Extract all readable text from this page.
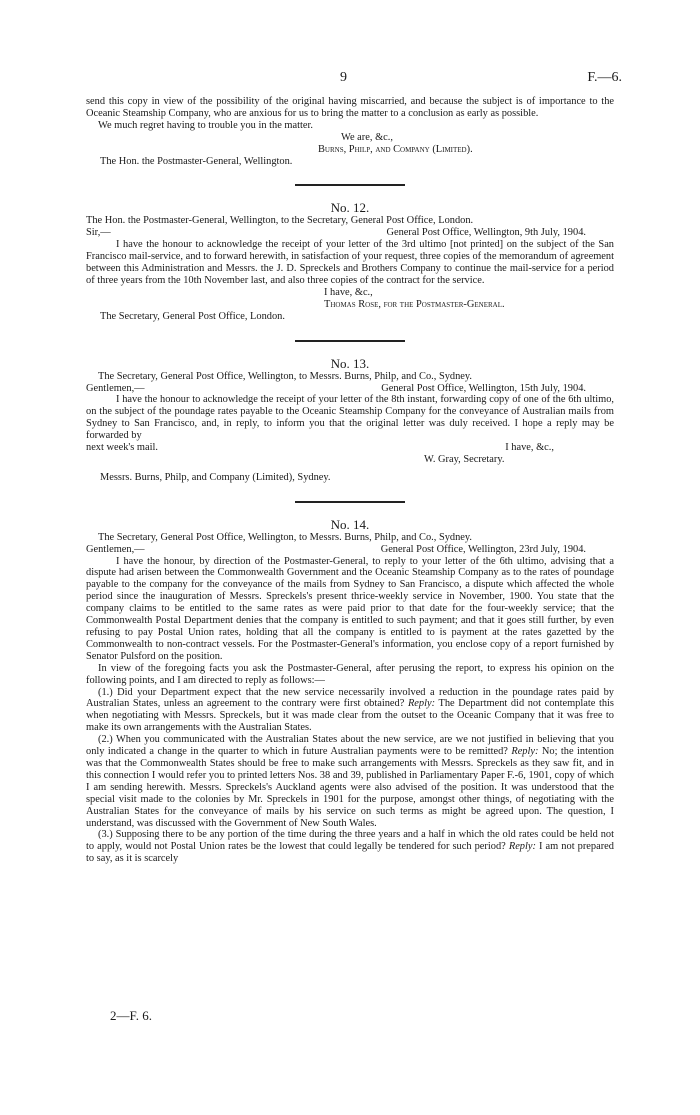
9	F.—6.

send this copy in view of the possibility of the original having miscarried, and because the subject is of importance to the Oceanic Steamship Company, who are anxious for us to bring the matter to a conclusion as early as possible.

We much regret having to trouble you in the matter.

We are, &c.,

Burns, Philp, and Company (Limited).

The Hon. the Postmaster-General, Wellington.

No. 12.

The Hon. the Postmaster-General, Wellington, to the Secretary, General Post Office, London.

Sir,—	General Post Office, Wellington, 9th July, 1904.

I have the honour to acknowledge the receipt of your letter of the 3rd ultimo [not printed] on the subject of the San Francisco mail-service, and to forward herewith, in satisfaction of your request, three copies of the memorandum of agreement between this Administration and Messrs. the J. D. Spreckels and Brothers Company to continue the mail-service for a period of three years from the 10th November last, and also three copies of the contract for the service.

I have, &c.,

Thomas Rose, for the Postmaster-General.

The Secretary, General Post Office, London.

No. 13.

The Secretary, General Post Office, Wellington, to Messrs. Burns, Philp, and Co., Sydney.

Gentlemen,—	General Post Office, Wellington, 15th July, 1904.

I have the honour to acknowledge the receipt of your letter of the 8th instant, forwarding copy of one of the 6th ultimo, on the subject of the poundage rates payable to the Oceanic Steamship Company for the conveyance of Australian mails from Sydney to San Francisco, and, in reply, to inform you that the original letter was duly received. I hope a reply may be forwarded by

next week's mail.	I have, &c.,

W. Gray, Secretary.

Messrs. Burns, Philp, and Company (Limited), Sydney.

No. 14.

The Secretary, General Post Office, Wellington, to Messrs. Burns, Philp, and Co., Sydney.

Gentlemen,—	General Post Office, Wellington, 23rd July, 1904.

I have the honour, by direction of the Postmaster-General, to reply to your letter of the 6th ultimo, advising that a dispute had arisen between the Commonwealth Government and the Oceanic Steamship Company as to the rates of poundage payable to the company for the conveyance of the mails from Sydney to San Francisco, a dispute which affected the whole period since the inauguration of Messrs. Spreckels's present thrice-weekly service in November, 1900. You state that the company claims to be entitled to the same rates as were paid prior to that date for the four-weekly service; that the Commonwealth Postal Department denies that the company is entitled to such payment; and that it goes still further, by even refusing to pay Postal Union rates, holding that all the company is entitled to is payment at the rates gazetted by the Commonwealth to non-contract vessels. For the Postmaster-General's information, you enclose copy of a report furnished by Senator Pulsford on the position.

In view of the foregoing facts you ask the Postmaster-General, after perusing the report, to express his opinion on the following points, and I am directed to reply as follows:—

(1.) Did your Department expect that the new service necessarily involved a reduction in the poundage rates paid by Australian States, unless an agreement to the contrary were first obtained? Reply: The Department did not contemplate this when negotiating with Messrs. Spreckels, but it was made clear from the outset to the Oceanic Company that it was free to make its own arrangements with the Australian States.

(2.) When you communicated with the Australian States about the new service, are we not justified in believing that you only indicated a change in the quarter to which in future Australian payments were to be remitted? Reply: No; the intention was that the Commonwealth States should be free to make such arrangements with Messrs. Spreckels as they saw fit, and in this connection I would refer you to printed letters Nos. 38 and 39, published in Parliamentary Paper F.-6, 1901, copy of which I am sending herewith. Messrs. Spreckels's Auckland agents were also advised of the position. It was understood that the special visit made to the colonies by Mr. Spreckels in 1901 for the purpose, amongst other things, of negotiating with the Australian States for the conveyance of mails by his service on such terms as might be agreed upon. The question, I understand, was discussed with the Government of New South Wales.

(3.) Supposing there to be any portion of the time during the three years and a half in which the old rates could be held not to apply, would not Postal Union rates be the lowest that could legally be tendered for such period? Reply: I am not prepared to say, as it is scarcely

2—F. 6.
